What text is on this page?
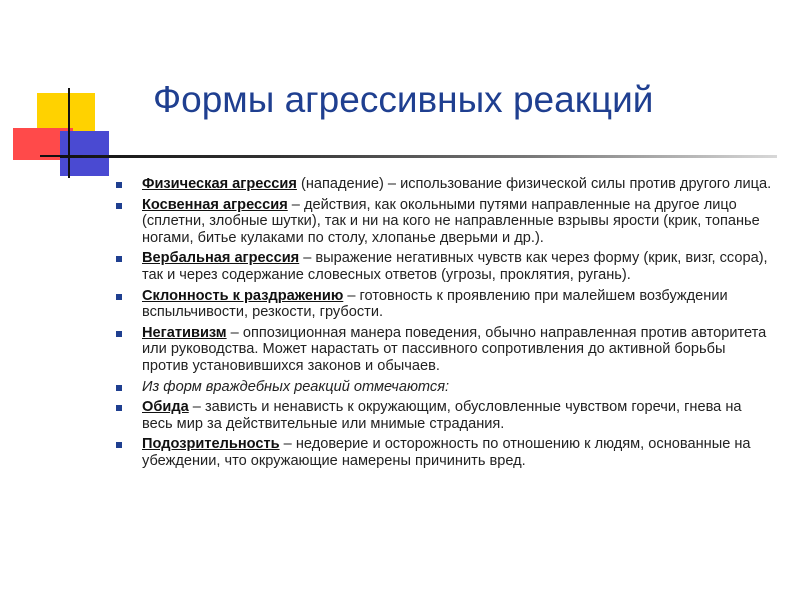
Формы агрессивных реакций
Физическая агрессия (нападение) – использование физической силы против другого лица.
Косвенная агрессия – действия, как окольными путями направленные на другое лицо (сплетни, злобные шутки), так и ни на кого не направленные взрывы ярости (крик, топанье ногами, битье кулаками по столу, хлопанье дверьми и др.).
Вербальная агрессия – выражение негативных чувств как через форму (крик, визг, ссора), так и через содержание словесных ответов (угрозы, проклятия, ругань).
Склонность к раздражению – готовность к проявлению при малейшем возбуждении вспыльчивости, резкости, грубости.
Негативизм – оппозиционная манера поведения, обычно направленная против авторитета или руководства. Может нарастать от пассивного сопротивления до активной борьбы против установившихся законов и обычаев.
Из форм враждебных реакций отмечаются:
Обида – зависть и ненависть к окружающим, обусловленные чувством горечи, гнева на весь мир за действительные или мнимые страдания.
Подозрительность – недоверие и осторожность по отношению к людям, основанные на убеждении, что окружающие намерены причинить вред.
